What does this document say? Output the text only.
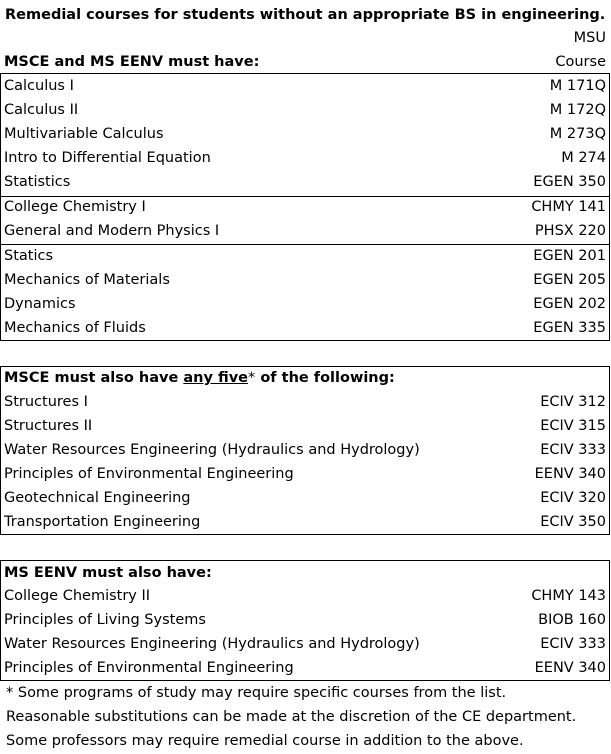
Remedial courses for students without an appropriate BS in engineering.
MSU
Course
MSCE and MS EENV must have:
Calculus I	M 171Q
Calculus II	M 172Q
Multivariable Calculus	M 273Q
Intro to Differential Equation	M 274
Statistics	EGEN 350
College Chemistry I	CHMY 141
General and Modern Physics I	PHSX 220
Statics	EGEN 201
Mechanics of Materials	EGEN 205
Dynamics	EGEN 202
Mechanics of Fluids	EGEN 335
MSCE must also have any five* of the following:
Structures I	ECIV 312
Structures II	ECIV 315
Water Resources Engineering (Hydraulics and Hydrology)	ECIV 333
Principles of Environmental Engineering	EENV 340
Geotechnical Engineering	ECIV 320
Transportation Engineering	ECIV 350
MS EENV must also have:
College Chemistry II	CHMY 143
Principles of Living Systems	BIOB 160
Water Resources Engineering (Hydraulics and Hydrology)	ECIV 333
Principles of Environmental Engineering	EENV 340
* Some programs of study may require specific courses from the list.
Reasonable substitutions can be made at the discretion of the CE department.
Some professors may require remedial course in addition to the above.
